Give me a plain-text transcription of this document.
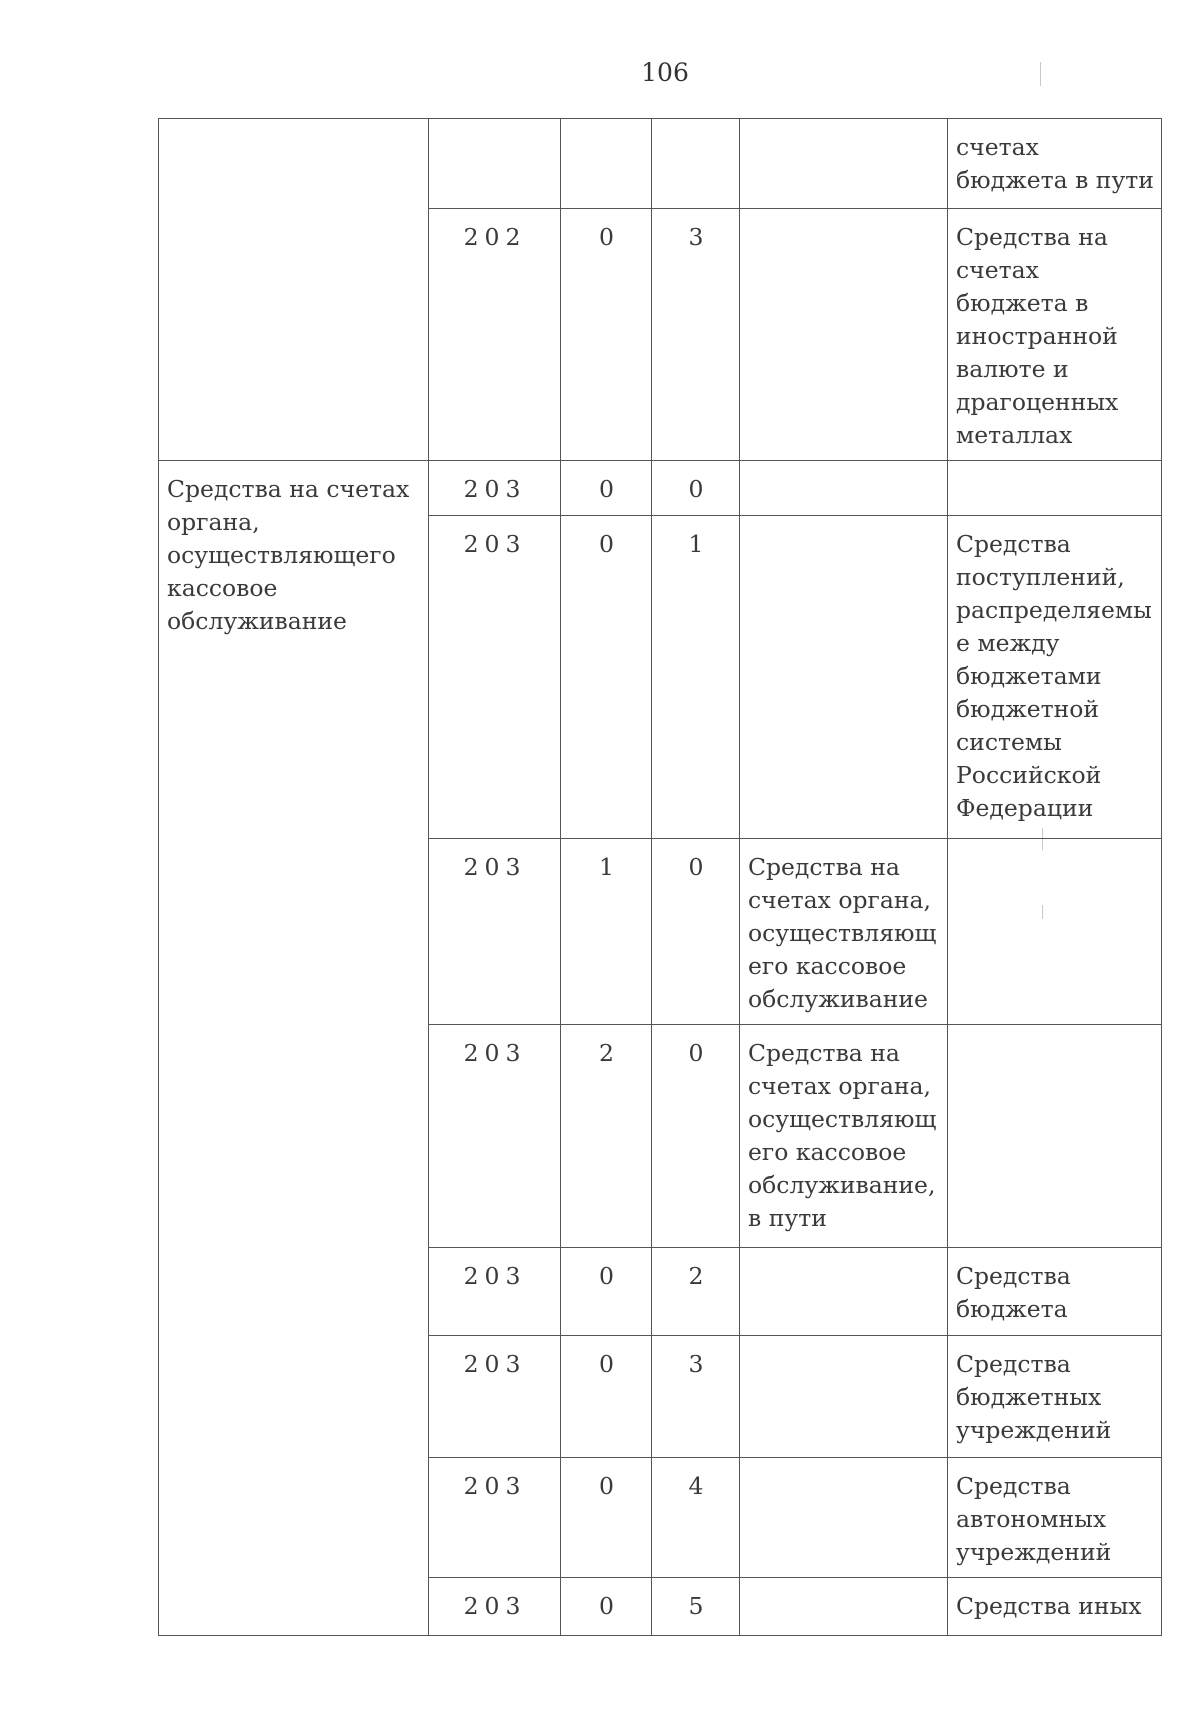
106
					счетах бюджета в пути
	202	0	3		Средства на счетах бюджета в иностранной валюте и драгоценных металлах
Средства на счетах органа, осуществляющего кассовое обслуживание	203	0	0		
	203	0	1		Средства поступлений, распределяемые между бюджетами бюджетной системы Российской Федерации
	203	1	0	Средства на счетах органа, осуществляющ его кассовое обслуживание	
	203	2	0	Средства на счетах органа, осуществляющ его кассовое обслуживание, в пути	
	203	0	2		Средства бюджета
	203	0	3		Средства бюджетных учреждений
	203	0	4		Средства автономных учреждений
	203	0	5		Средства иных
